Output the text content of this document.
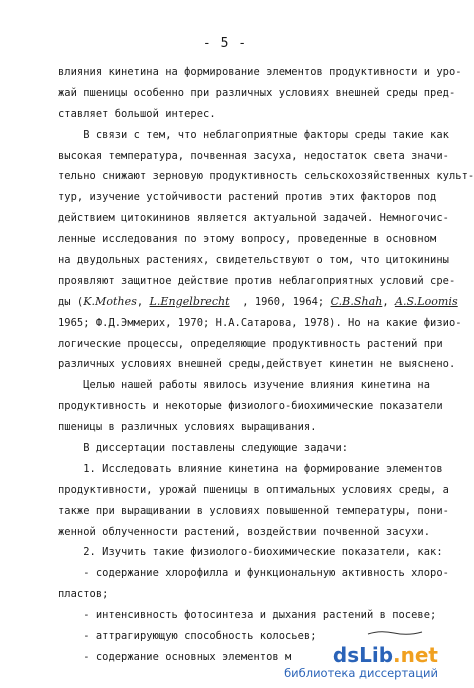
- 5 -
влияния кинетина на формирование элементов продуктивности и уро-
жай пшеницы особенно при различных условиях внешней среды пред-
ставляет большой интерес.
В связи с тем, что неблагоприятные факторы среды такие как
высокая температура, почвенная засуха, недостаток света значи-
тельно снижают зерновую продуктивность сельскохозяйственных культ-
тур, изучение устойчивости растений против этих факторов под
действием цитокининов является актуальной задачей. Немногочис-
ленные исследования по этому вопросу, проведенные в основном
на двудольных растениях, свидетельствуют о том, что цитокинины
проявляют защитное действие против неблагоприятных условий сре-
ды (K.Mothes, L.Engelbrecht  , 1960, 1964; C.B.Shah, A.S.Loomis
1965; Ф.Д.Эммерих, 1970; Н.А.Сатарова, 1978). Но на какие физио-
логические процессы, определяющие продуктивность растений при
различных условиях внешней среды,действует кинетин не выяснено.
Целью нашей работы явилось изучение влияния кинетина на
продуктивность и некоторые физиолого-биохимические показатели
пшеницы в различных условиях выращивания.
В диссертации поставлены следующие задачи:
1. Исследовать влияние кинетина на формирование элементов
продуктивности, урожай пшеницы в оптимальных условиях среды, а
также при выращивании в условиях повышенной температуры, пони-
женной облученности растений, воздействии почвенной засухи.
2. Изучить такие физиолого-биохимические показатели, как:
- содержание хлорофилла и функциональную активность хлоро-
пластов;
- интенсивность фотосинтеза и дыхания растений в посеве;
- аттрагирующую способность колосьев;
- содержание основных элементов м	dsLib.net
библиотека диссертаций
